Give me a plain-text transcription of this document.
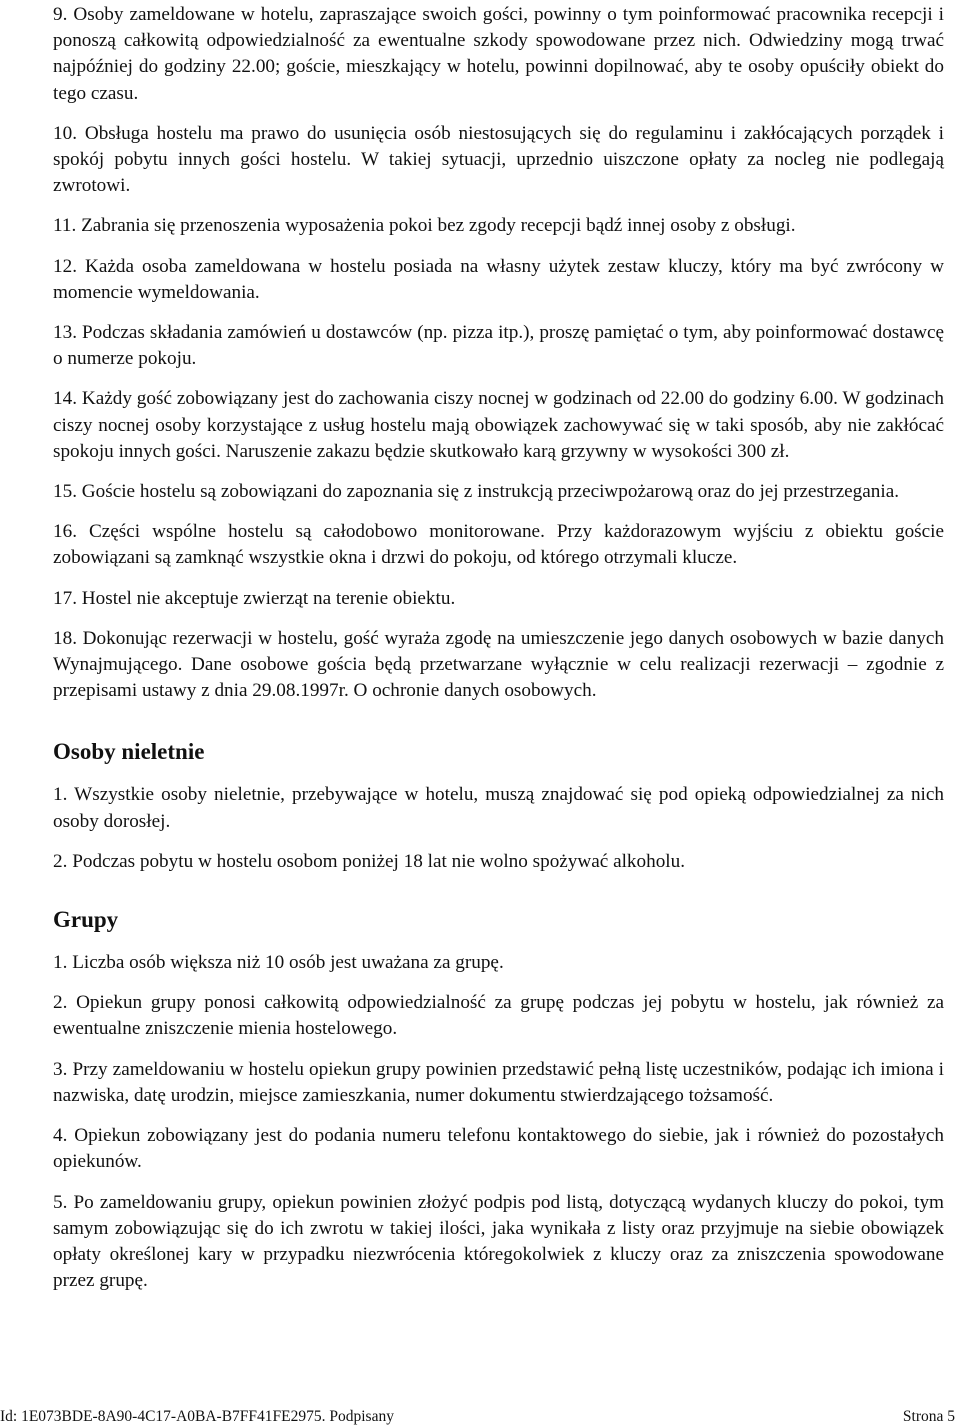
9. Osoby zameldowane w hotelu, zapraszające swoich gości, powinny o tym poinformować pracownika recepcji i ponoszą całkowitą odpowiedzialność za ewentualne szkody spowodowane przez nich. Odwiedziny mogą trwać najpóźniej do godziny 22.00; goście, mieszkający w hotelu, powinni dopilnować, aby te osoby opuściły obiekt do tego czasu.

10. Obsługa hostelu ma prawo do usunięcia osób niestosujących się do regulaminu i zakłócających porządek i spokój pobytu innych gości hostelu. W takiej sytuacji, uprzednio uiszczone opłaty za nocleg nie podlegają zwrotowi.

11. Zabrania się przenoszenia wyposażenia pokoi bez zgody recepcji bądź innej osoby z obsługi.

12. Każda osoba zameldowana w hostelu posiada na własny użytek zestaw kluczy, który ma być zwrócony w momencie wymeldowania.

13. Podczas składania zamówień u dostawców (np. pizza itp.), proszę pamiętać o tym, aby poinformować dostawcę o numerze pokoju.

14. Każdy gość zobowiązany jest do zachowania ciszy nocnej w godzinach od 22.00 do godziny 6.00. W godzinach ciszy nocnej osoby korzystające z usług hostelu mają obowiązek zachowywać się w taki sposób, aby nie zakłócać spokoju innych gości. Naruszenie zakazu będzie skutkowało karą grzywny w wysokości 300 zł.

15. Goście hostelu są zobowiązani do zapoznania się z instrukcją przeciwpożarową oraz do jej przestrzegania.

16. Części wspólne hostelu są całodobowo monitorowane. Przy każdorazowym wyjściu z obiektu goście zobowiązani są zamknąć wszystkie okna i drzwi do pokoju, od którego otrzymali klucze.

17. Hostel nie akceptuje zwierząt na terenie obiektu.

18. Dokonując rezerwacji w hostelu, gość wyraża zgodę na umieszczenie jego danych osobowych w bazie danych Wynajmującego. Dane osobowe gościa będą przetwarzane wyłącznie w celu realizacji rezerwacji – zgodnie z przepisami ustawy z dnia 29.08.1997r. O ochronie danych osobowych.

Osoby nieletnie

1. Wszystkie osoby nieletnie, przebywające w hotelu, muszą znajdować się pod opieką odpowiedzialnej za nich osoby dorosłej.

2. Podczas pobytu w hostelu osobom poniżej 18 lat nie wolno spożywać alkoholu.

Grupy

1. Liczba osób większa niż 10 osób jest uważana za grupę.

2. Opiekun grupy ponosi całkowitą odpowiedzialność za grupę podczas jej pobytu w hostelu, jak również za ewentualne zniszczenie mienia hostelowego.

3. Przy zameldowaniu w hostelu opiekun grupy powinien przedstawić pełną listę uczestników, podając ich imiona i nazwiska, datę urodzin, miejsce zamieszkania, numer dokumentu stwierdzającego tożsamość.

4. Opiekun zobowiązany jest do podania numeru telefonu kontaktowego do siebie, jak i również do pozostałych opiekunów.

5. Po zameldowaniu grupy, opiekun powinien złożyć podpis pod listą, dotyczącą wydanych kluczy do pokoi, tym samym zobowiązując się do ich zwrotu w takiej ilości, jaka wynikała z listy oraz przyjmuje na siebie obowiązek opłaty określonej kary w przypadku niezwrócenia któregokolwiek z kluczy oraz za zniszczenia spowodowane przez grupę.

Id: 1E073BDE-8A90-4C17-A0BA-B7FF41FE2975. Podpisany	Strona 5
